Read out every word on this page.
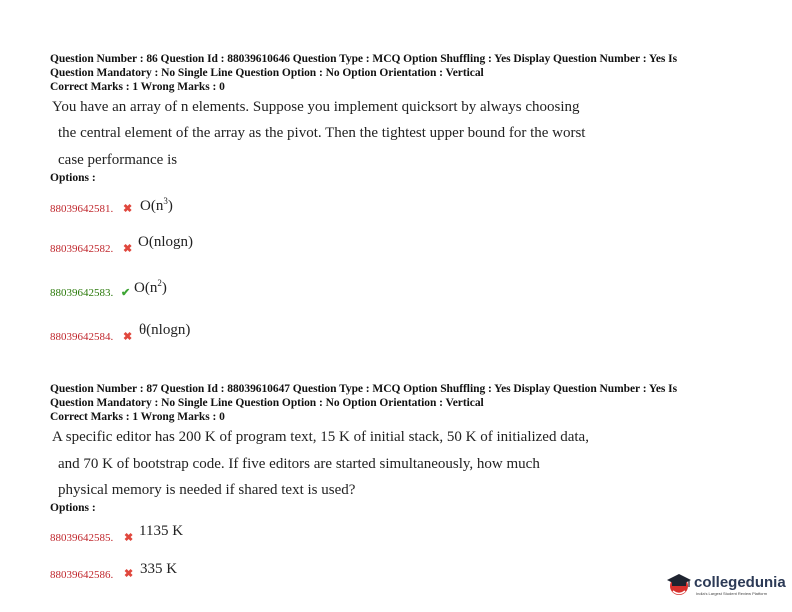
Question Number : 86 Question Id : 88039610646 Question Type : MCQ Option Shuffling : Yes Display Question Number : Yes Is
Question Mandatory : No Single Line Question Option : No Option Orientation : Vertical
Correct Marks : 1 Wrong Marks : 0
You have an array of n elements. Suppose you implement quicksort by always choosing
the central element of the array as the pivot. Then the tightest upper bound for the worst
case performance is
Options :
88039642581. ✖ $O(n^3)$
88039642582. ✖ O(nlogn)
88039642583. ✔ $O(n^2)$
88039642584. ✖ θ(nlogn)
Question Number : 87 Question Id : 88039610647 Question Type : MCQ Option Shuffling : Yes Display Question Number : Yes Is
Question Mandatory : No Single Line Question Option : No Option Orientation : Vertical
Correct Marks : 1 Wrong Marks : 0
A specific editor has 200 K of program text, 15 K of initial stack, 50 K of initialized data,
and 70 K of bootstrap code. If five editors are started simultaneously, how much
physical memory is needed if shared text is used?
Options :
88039642585. ✖ 1135 K
88039642586. ✖ 335 K
collegedunia
India's Largest Student Review Platform
